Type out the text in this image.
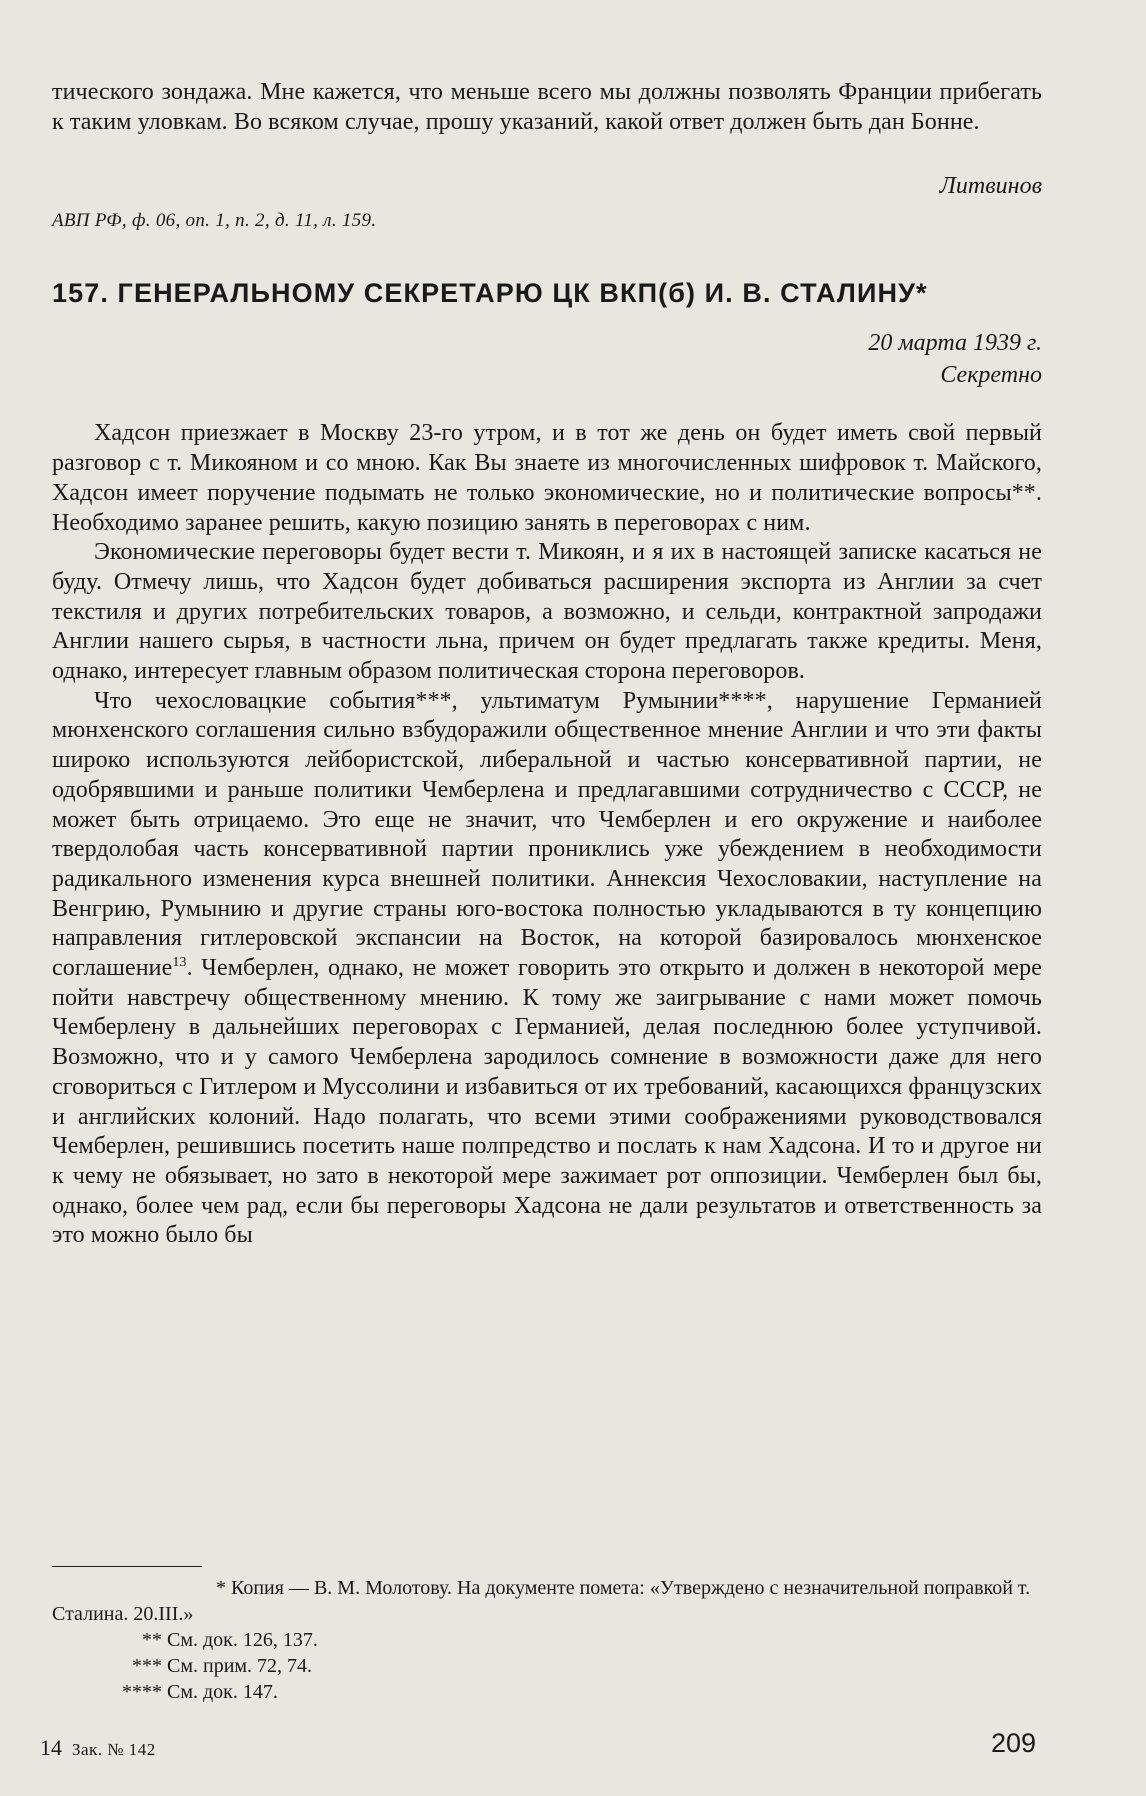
тического зондажа. Мне кажется, что меньше всего мы должны позволять Франции прибегать к таким уловкам. Во всяком случае, прошу указаний, какой ответ должен быть дан Бонне.

Литвинов

АВП РФ, ф. 06, оп. 1, п. 2, д. 11, л. 159.

157. ГЕНЕРАЛЬНОМУ СЕКРЕТАРЮ ЦК ВКП(б) И. В. СТАЛИНУ*

20 марта 1939 г.

Секретно

Хадсон приезжает в Москву 23-го утром, и в тот же день он будет иметь свой первый разговор с т. Микояном и со мною. Как Вы знаете из многочисленных шифровок т. Майского, Хадсон имеет поручение подымать не только экономические, но и политические вопросы**. Необходимо заранее решить, какую позицию занять в переговорах с ним.

Экономические переговоры будет вести т. Микоян, и я их в настоящей записке касаться не буду. Отмечу лишь, что Хадсон будет добиваться расширения экспорта из Англии за счет текстиля и других потребительских товаров, а возможно, и сельди, контрактной запродажи Англии нашего сырья, в частности льна, причем он будет предлагать также кредиты. Меня, однако, интересует главным образом политическая сторона переговоров.

Что чехословацкие события***, ультиматум Румынии****, нарушение Германией мюнхенского соглашения сильно взбудоражили общественное мнение Англии и что эти факты широко используются лейбористской, либеральной и частью консервативной партии, не одобрявшими и раньше политики Чемберлена и предлагавшими сотрудничество с СССР, не может быть отрицаемо. Это еще не значит, что Чемберлен и его окружение и наиболее твердолобая часть консервативной партии прониклись уже убеждением в необходимости радикального изменения курса внешней политики. Аннексия Чехословакии, наступление на Венгрию, Румынию и другие страны юго-востока полностью укладываются в ту концепцию направления гитлеровской экспансии на Восток, на которой базировалось мюнхенское соглашение$^{13}$. Чемберлен, однако, не может говорить это открыто и должен в некоторой мере пойти навстречу общественному мнению. К тому же заигрывание с нами может помочь Чемберлену в дальнейших переговорах с Германией, делая последнюю более уступчивой. Возможно, что и у самого Чемберлена зародилось сомнение в возможности даже для него сговориться с Гитлером и Муссолини и избавиться от их требований, касающихся французских и английских колоний. Надо полагать, что всеми этими соображениями руководствовался Чемберлен, решившись посетить наше полпредство и послать к нам Хадсона. И то и другое ни к чему не обязывает, но зато в некоторой мере зажимает рот оппозиции. Чемберлен был бы, однако, более чем рад, если бы переговоры Хадсона не дали результатов и ответственность за это можно было бы

* Копия — В. М. Молотову. На документе помета: «Утверждено с незначительной поправкой т. Сталина. 20.III.»

** См. док. 126, 137.

*** См. прим. 72, 74.

**** См. док. 147.

14 Зак. № 142	209
